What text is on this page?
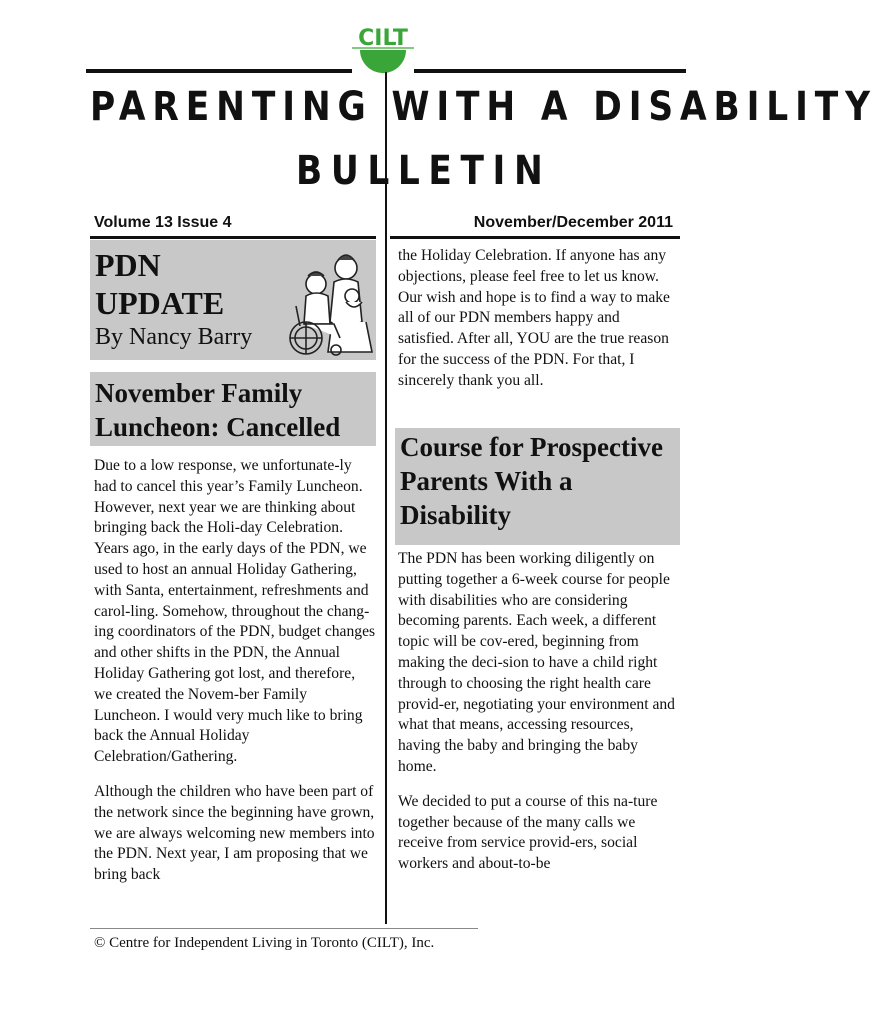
CILT
PARENTING WITH A DISABILITY
BULLETIN
Volume 13 Issue 4	November/December 2011
PDN
UPDATE
By Nancy Barry
November Family
Luncheon: Cancelled

Due to a low response, we unfortunate-ly had to cancel this year’s Family Luncheon. However, next year we are thinking about bringing back the Holi-day Celebration. Years ago, in the early days of the PDN, we used to host an annual Holiday Gathering, with Santa, entertainment, refreshments and carol-ling. Somehow, throughout the chang-ing coordinators of the PDN, budget changes and other shifts in the PDN, the Annual Holiday Gathering got lost, and therefore, we created the Novem-ber Family Luncheon. I would very much like to bring back the Annual Holiday Celebration/Gathering.

Although the children who have been part of the network since the beginning have grown, we are always welcoming new members into the PDN. Next year, I am proposing that we bring back

the Holiday Celebration. If anyone has any objections, please feel free to let us know. Our wish and hope is to find a way to make all of our PDN members happy and satisfied. After all, YOU are the true reason for the success of the PDN. For that, I sincerely thank you all.
Course for Prospective
Parents With a
Disability

The PDN has been working diligently on putting together a 6-week course for people with disabilities who are considering becoming parents. Each week, a different topic will be cov-ered, beginning from making the deci-sion to have a child right through to choosing the right health care provid-er, negotiating your environment and what that means, accessing resources, having the baby and bringing the baby home.

We decided to put a course of this na-ture together because of the many calls we receive from service provid-ers, social workers and about-to-be

© Centre for Independent Living in Toronto (CILT), Inc.
